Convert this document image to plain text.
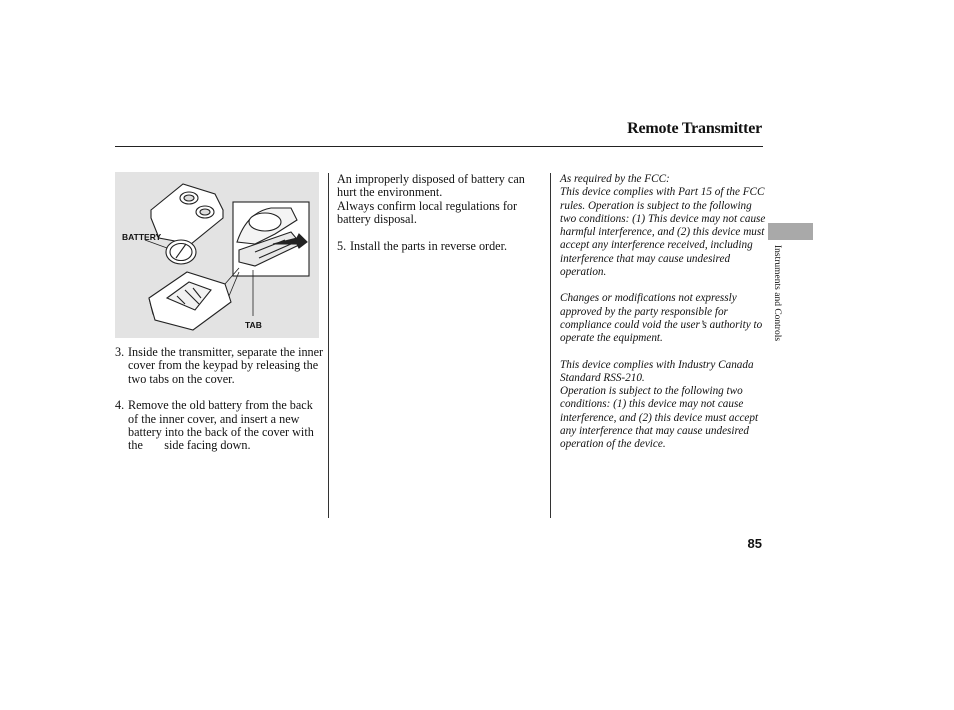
Remote Transmitter
BATTERY
TAB

3. Inside the transmitter, separate the inner cover from the keypad by releasing the two tabs on the cover.

4. Remove the old battery from the back of the inner cover, and insert a new battery into the back of the cover with the       side facing down.

An improperly disposed of battery can hurt the environment.

Always confirm local regulations for battery disposal.

5. Install the parts in reverse order.

As required by the FCC:

This device complies with Part 15 of the FCC rules. Operation is subject to the following two conditions: (1) This device may not cause harmful interference, and (2) this device must accept any interference received, including interference that may cause undesired operation.

Changes or modifications not expressly approved by the party responsible for compliance could void the user’s authority to operate the equipment.

This device complies with Industry Canada Standard RSS-210.

Operation is subject to the following two conditions: (1) this device may not cause interference, and (2) this device must accept any interference that may cause undesired operation of the device.

Instruments and Controls
85
